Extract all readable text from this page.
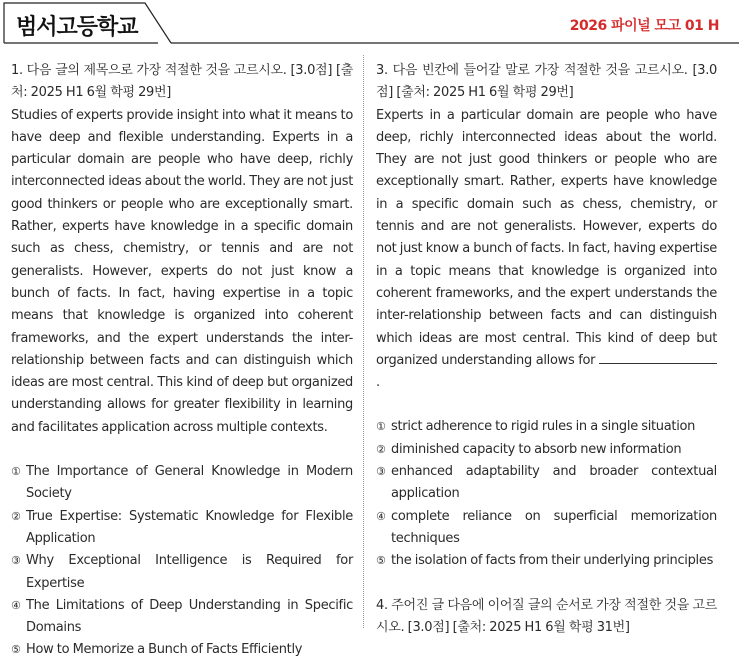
범서고등학교	2026 파이널 모고 01 H

1. 다음 글의 제목으로 가장 적절한 것을 고르시오. [3.0점] [출처: 2025 H1 6월 학평 29번]

Studies of experts provide insight into what it means to have deep and flexible understanding. Experts in a particular domain are people who have deep, richly interconnected ideas about the world. They are not just good thinkers or people who are exceptionally smart. Rather, experts have knowledge in a specific domain such as chess, chemistry, or tennis and are not generalists. However, experts do not just know a bunch of facts. In fact, having expertise in a topic means that knowledge is organized into coherent frameworks, and the expert understands the inter-relationship between facts and can distinguish which ideas are most central. This kind of deep but organized understanding allows for greater flexibility in learning and facilitates application across multiple contexts.

① The Importance of General Knowledge in Modern Society
② True Expertise: Systematic Knowledge for Flexible Application
③ Why Exceptional Intelligence is Required for Expertise
④ The Limitations of Deep Understanding in Specific Domains
⑤ How to Memorize a Bunch of Facts Efficiently

3. 다음 빈칸에 들어갈 말로 가장 적절한 것을 고르시오. [3.0점] [출처: 2025 H1 6월 학평 29번]

Experts in a particular domain are people who have deep, richly interconnected ideas about the world. They are not just good thinkers or people who are exceptionally smart. Rather, experts have knowledge in a specific domain such as chess, chemistry, or tennis and are not generalists. However, experts do not just know a bunch of facts. In fact, having expertise in a topic means that knowledge is organized into coherent frameworks, and the expert understands the inter-relationship between facts and can distinguish which ideas are most central. This kind of deep but organized understanding allows for .

① strict adherence to rigid rules in a single situation
② diminished capacity to absorb new information
③ enhanced adaptability and broader contextual application
④ complete reliance on superficial memorization techniques
⑤ the isolation of facts from their underlying principles

4. 주어진 글 다음에 이어질 글의 순서로 가장 적절한 것을 고르시오. [3.0점] [출처: 2025 H1 6월 학평 31번]
